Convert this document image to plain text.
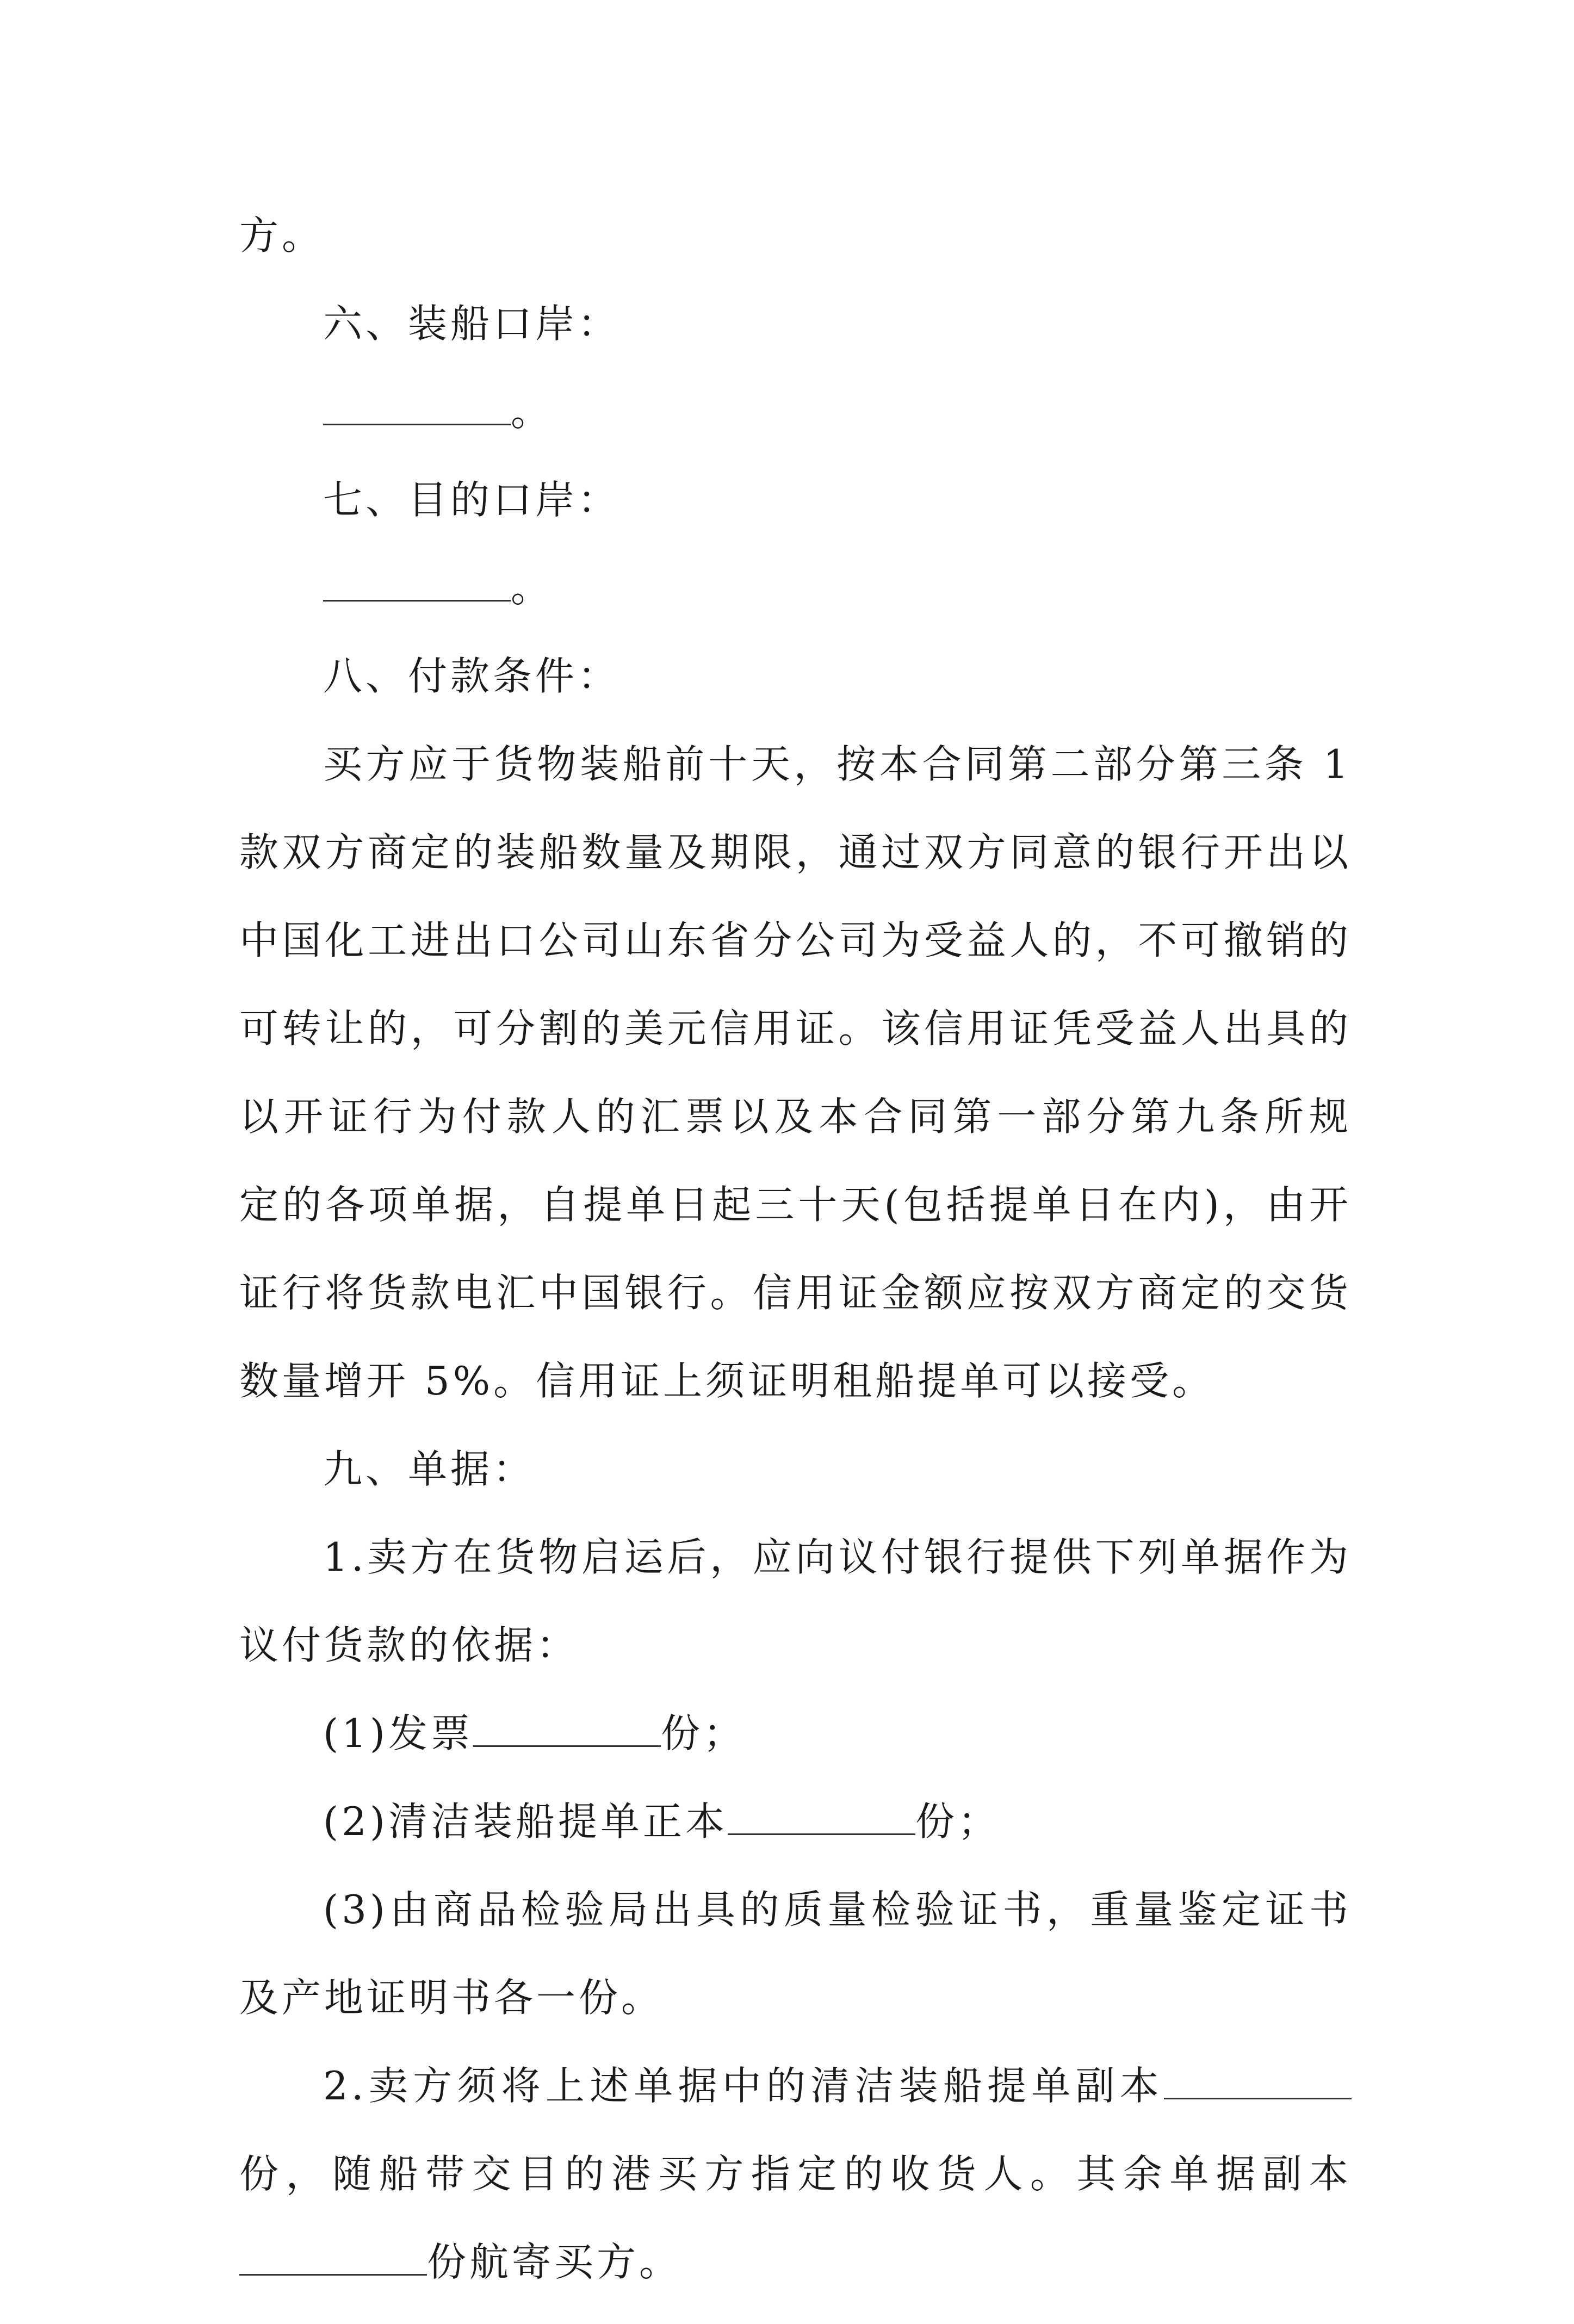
方。
六、装船口岸：
。
七、目的口岸：
。
八、付款条件：
买方应于货物装船前十天，按本合同第二部分第三条 1
款双方商定的装船数量及期限，通过双方同意的银行开出以
中国化工进出口公司山东省分公司为受益人的，不可撤销的
可转让的，可分割的美元信用证。该信用证凭受益人出具的
以开证行为付款人的汇票以及本合同第一部分第九条所规
定的各项单据，自提单日起三十天(包括提单日在内)，由开
证行将货款电汇中国银行。信用证金额应按双方商定的交货
数量增开 5%。信用证上须证明租船提单可以接受。
九、单据：
1.卖方在货物启运后，应向议付银行提供下列单据作为
议付货款的依据：
(1)发票	份；
(2)清洁装船提单正本	份；
(3)由商品检验局出具的质量检验证书，重量鉴定证书
及产地证明书各一份。
2.卖方须将上述单据中的清洁装船提单副本
份，随船带交目的港买方指定的收货人。其余单据副本
份航寄买方。
